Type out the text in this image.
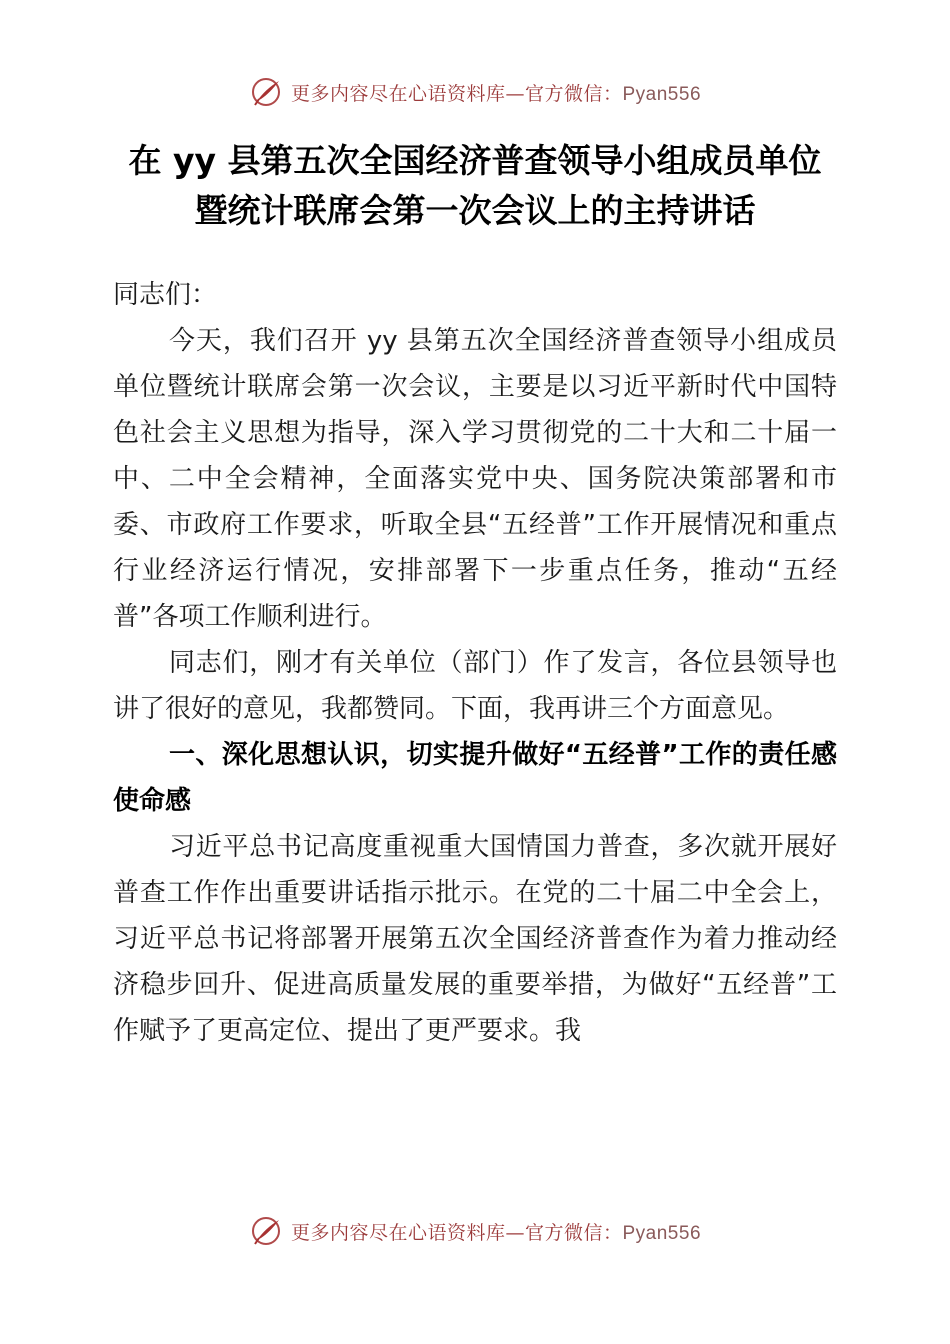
更多内容尽在心语资料库—官方微信：Pyan556
在 yy 县第五次全国经济普查领导小组成员单位
暨统计联席会第一次会议上的主持讲话

同志们：

今天，我们召开 yy 县第五次全国经济普查领导小组成员单位暨统计联席会第一次会议，主要是以习近平新时代中国特色社会主义思想为指导，深入学习贯彻党的二十大和二十届一中、二中全会精神，全面落实党中央、国务院决策部署和市委、市政府工作要求，听取全县“五经普”工作开展情况和重点行业经济运行情况，安排部署下一步重点任务，推动“五经普”各项工作顺利进行。

同志们，刚才有关单位（部门）作了发言，各位县领导也讲了很好的意见，我都赞同。下面，我再讲三个方面意见。

一、深化思想认识，切实提升做好“五经普”工作的责任感使命感

习近平总书记高度重视重大国情国力普查，多次就开展好普查工作作出重要讲话指示批示。在党的二十届二中全会上，习近平总书记将部署开展第五次全国经济普查作为着力推动经济稳步回升、促进高质量发展的重要举措，为做好“五经普”工作赋予了更高定位、提出了更严要求。我

更多内容尽在心语资料库—官方微信：Pyan556
